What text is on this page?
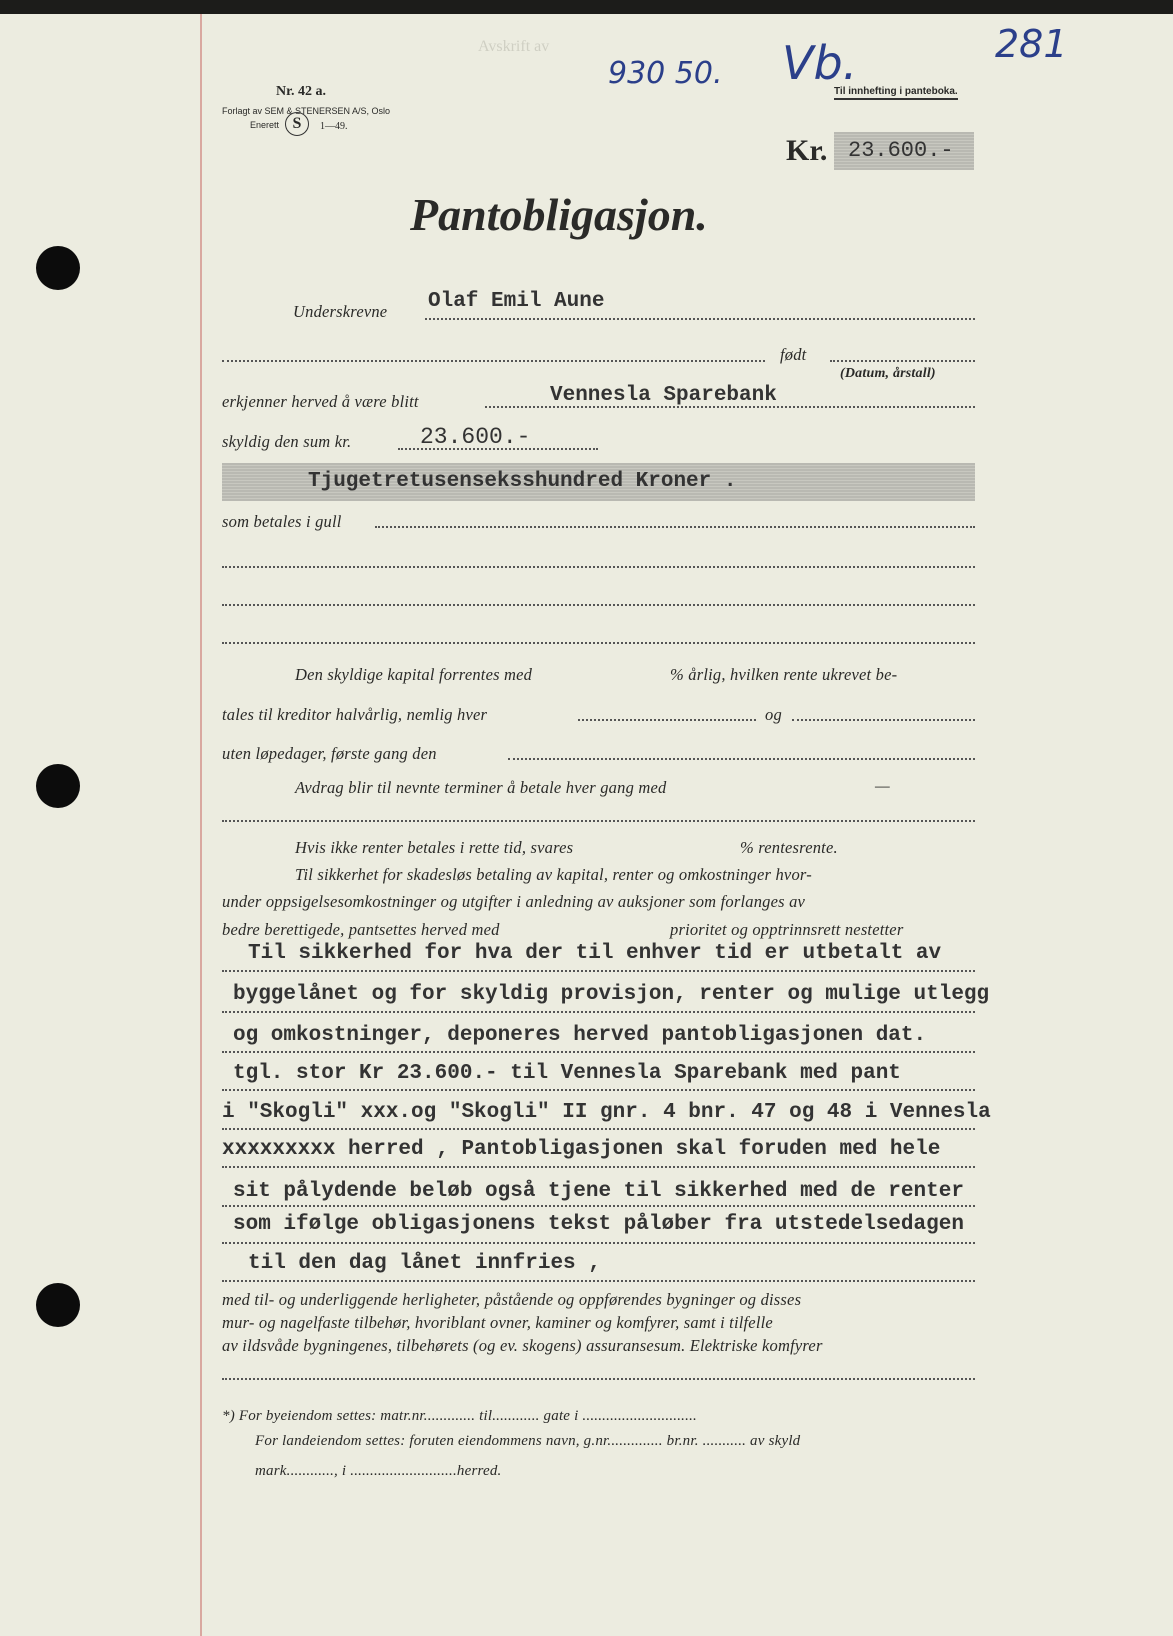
Nr. 42 a.
Forlagt av SEM & STENERSEN A/S, Oslo
Enerett S	1—49.
Avskrift av
930 50. Vb.	281
Til innhefting i panteboka.
Kr. 23.600.-
Pantobligasjon.
Underskrevne Olaf Emil Aune
født
(Datum, årstall)
erkjenner herved å være blitt	Vennesla Sparebank
skyldig den sum kr.	23.600.-
Tjugetretusenseksshundred Kroner .
som betales i gull
Den skyldige kapital forrentes med	% årlig, hvilken rente ukrevet be-
tales til kreditor halvårlig, nemlig hver	og
uten løpedager, første gang den
Avdrag blir til nevnte terminer å betale hver gang med	—
Hvis ikke renter betales i rette tid, svares	% rentesrente.
Til sikkerhet for skadesløs betaling av kapital, renter og omkostninger hvor-
under oppsigelsesomkostninger og utgifter i anledning av auksjoner som forlanges av
bedre berettigede, pantsettes herved med	prioritet og opptrinnsrett nestetter
Til sikkerhed for hva der til enhver tid er utbetalt av
byggelånet og for skyldig provisjon, renter og mulige utlegg
og omkostninger, deponeres herved pantobligasjonen dat.
tgl. stor Kr 23.600.- til Vennesla Sparebank med pant
i "Skogli" xxx.og "Skogli" II gnr. 4 bnr. 47 og 48 i Vennesla
xxxxxxxxx herred , Pantobligasjonen skal foruden med hele
sit pålydende beløb også tjene til sikkerhed med de renter
som ifølge obligasjonens tekst påløber fra utstedelsedagen
til den dag lånet innfries ,
med til- og underliggende herligheter, påstående og oppførendes bygninger og disses
mur- og nagelfaste tilbehør, hvoriblant ovner, kaminer og komfyrer, samt i tilfelle
av ildsvåde bygningenes, tilbehørets (og ev. skogens) assuransesum. Elektriske komfyrer
*) For byeiendom settes: matr.nr............. til............ gate i .............................
For landeiendom settes: foruten eiendommens navn, g.nr.............. br.nr. ........... av skyld
mark............, i ...........................herred.
